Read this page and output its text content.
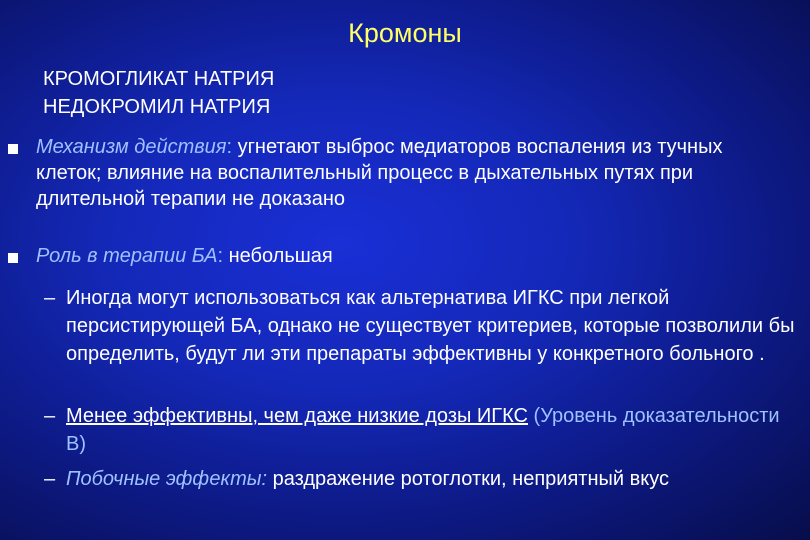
Кромоны
КРОМОГЛИКАТ НАТРИЯ
НЕДОКРОМИЛ НАТРИЯ
Механизм действия: угнетают выброс медиаторов воспаления из тучных клеток; влияние на воспалительный процесс в дыхательных путях при длительной терапии не доказано
Роль в терапии БА: небольшая
– Иногда могут использоваться как альтернатива ИГКС при легкой персистирующей БА, однако не существует критериев, которые позволили бы определить, будут ли эти препараты эффективны у конкретного больного .
– Менее эффективны, чем даже низкие дозы ИГКС (Уровень доказательности B)
– Побочные эффекты: раздражение ротоглотки, неприятный вкус
